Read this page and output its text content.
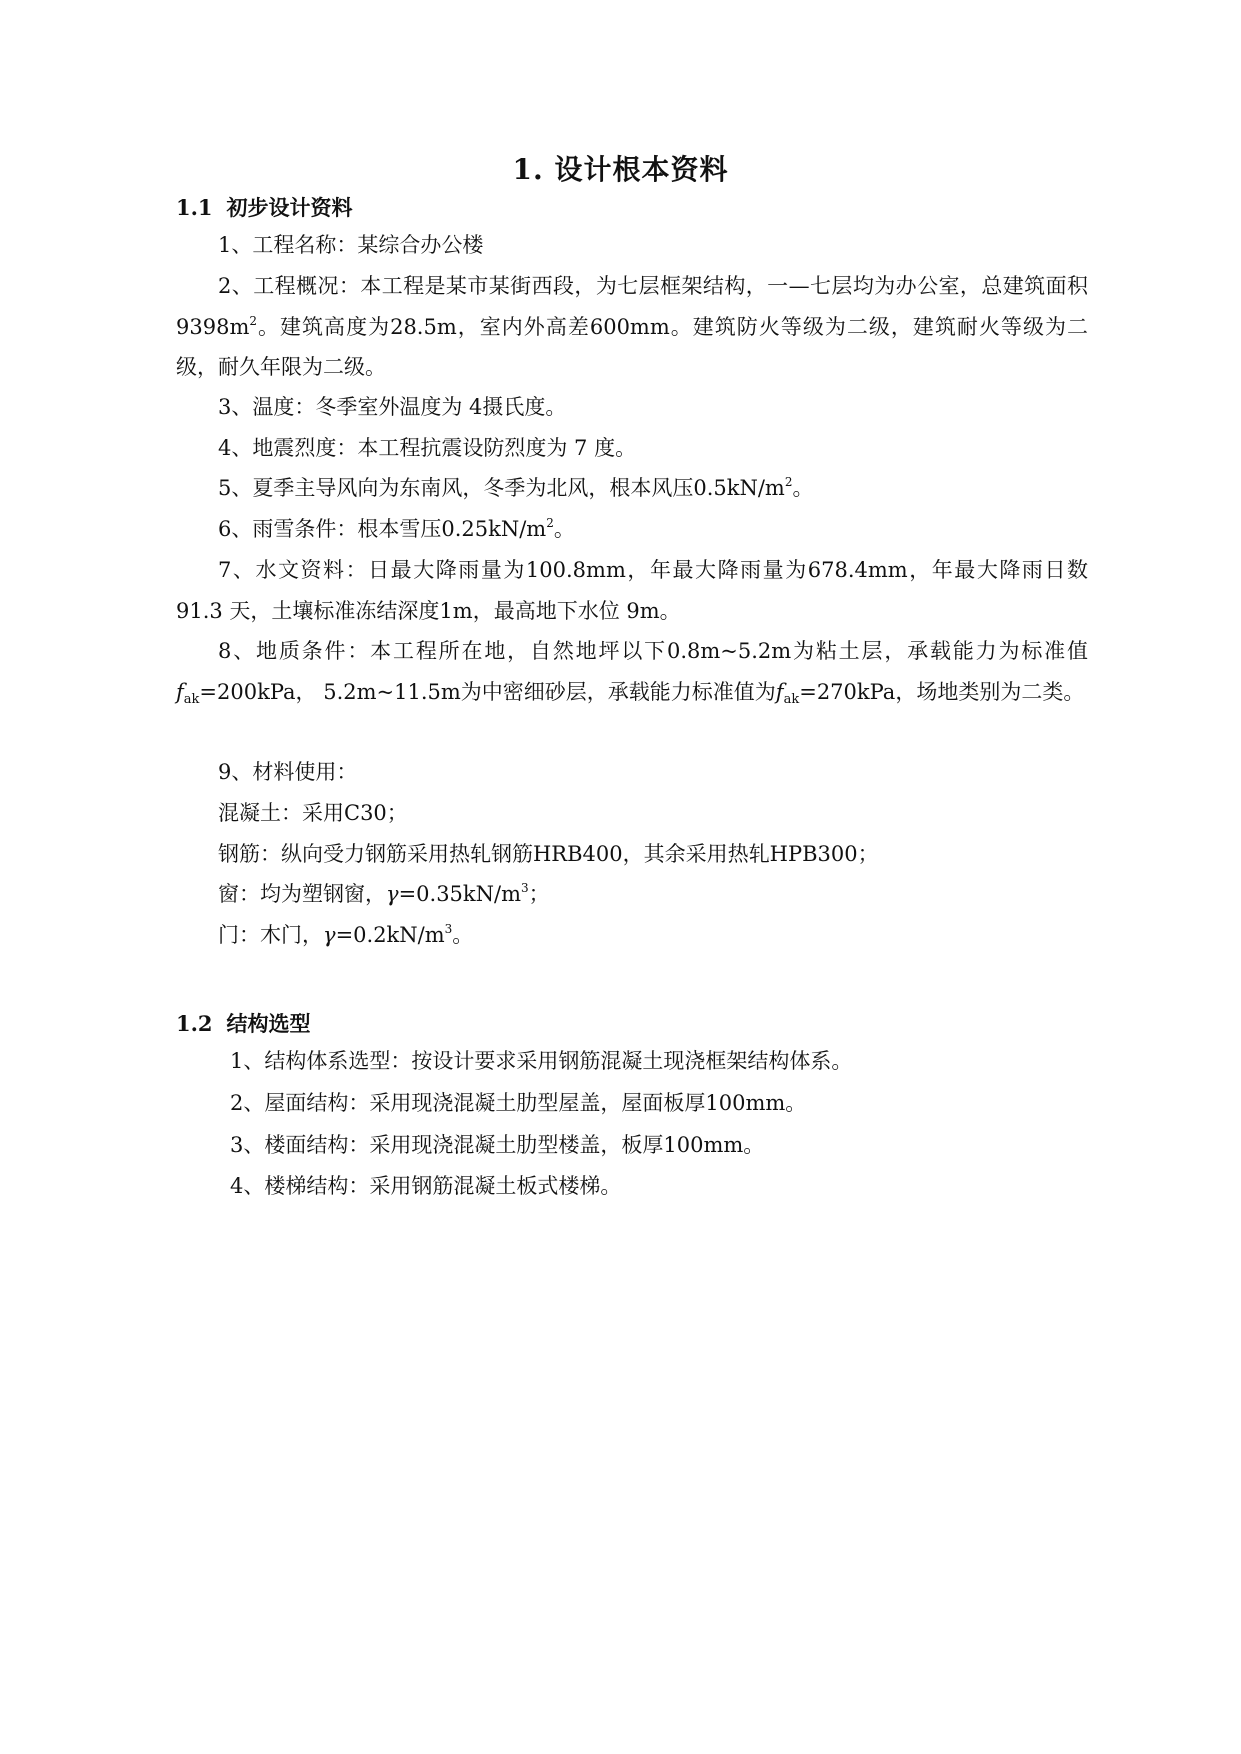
1. 设计根本资料
1.1 初步设计资料
1、工程名称：某综合办公楼
2、工程概况：本工程是某市某街西段，为七层框架结构，一—七层均为办公室，总建筑面积$9398m^2$。建筑高度为28.5m，室内外高差600mm。建筑防火等级为二级，建筑耐火等级为二级，耐久年限为二级。
3、温度：冬季室外温度为 4摄氏度。
4、地震烈度：本工程抗震设防烈度为 7 度。
5、夏季主导风向为东南风，冬季为北风，根本风压$0.5kN/m^2$。
6、雨雪条件：根本雪压$0.25kN/m^2$。
7、水文资料：日最大降雨量为100.8mm，年最大降雨量为678.4mm，年最大降雨日数 91.3 天，土壤标准冻结深度1m，最高地下水位 9m。
8、地质条件：本工程所在地，自然地坪以下0.8m~5.2m为粘土层，承载能力为标准值$f_{ak}=200kPa$， 5.2m~11.5m为中密细砂层，承载能力标准值为$f_{ak}=270kPa$，场地类别为二类。
9、材料使用：
混凝土：采用C30；
钢筋：纵向受力钢筋采用热轧钢筋HRB400，其余采用热轧HPB300；
窗：均为塑钢窗，$\gamma=0.35kN/m^3$；
门：木门，$\gamma=0.2kN/m^3$。
1.2 结构选型
1、结构体系选型：按设计要求采用钢筋混凝土现浇框架结构体系。
2、屋面结构：采用现浇混凝土肋型屋盖，屋面板厚100mm。
3、楼面结构：采用现浇混凝土肋型楼盖，板厚100mm。
4、楼梯结构：采用钢筋混凝土板式楼梯。
